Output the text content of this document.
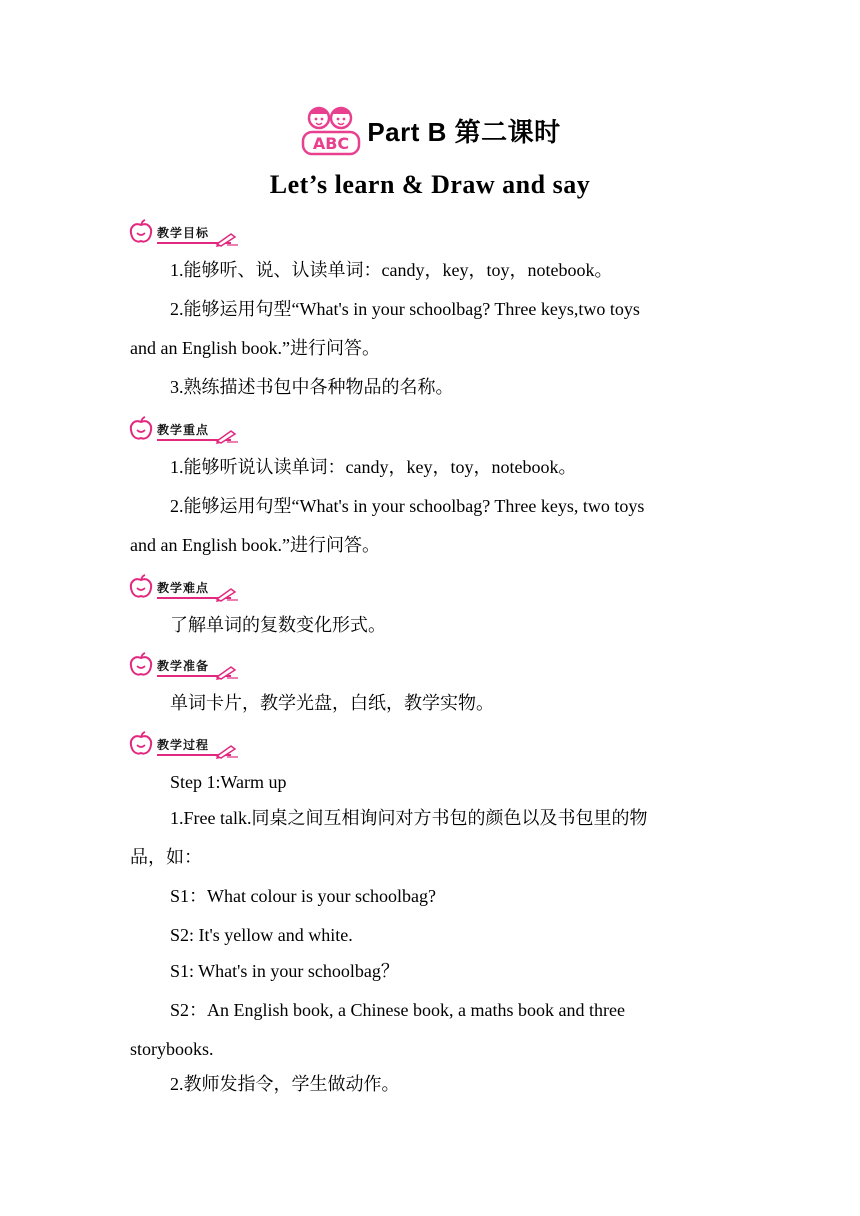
ABC Part B 第二课时
Let’s learn & Draw and say
教学目标
1.能够听、说、认读单词：candy，key，toy，notebook。
2.能够运用句型“What's in your schoolbag? Three keys,two toys
and an English book.”进行问答。
3.熟练描述书包中各种物品的名称。
教学重点
1.能够听说认读单词：candy，key，toy，notebook。
2.能够运用句型“What's in your schoolbag? Three keys, two toys
and an English book.”进行问答。
教学难点
了解单词的复数变化形式。
教学准备
单词卡片，教学光盘，白纸，教学实物。
教学过程
Step 1:Warm up
1.Free talk.同桌之间互相询问对方书包的颜色以及书包里的物
品，如：
S1：What colour is your schoolbag?
S2: It's yellow and white.
S1: What's in your schoolbag？
S2：An English book, a Chinese book, a maths book and three
storybooks.
2.教师发指令，学生做动作。
